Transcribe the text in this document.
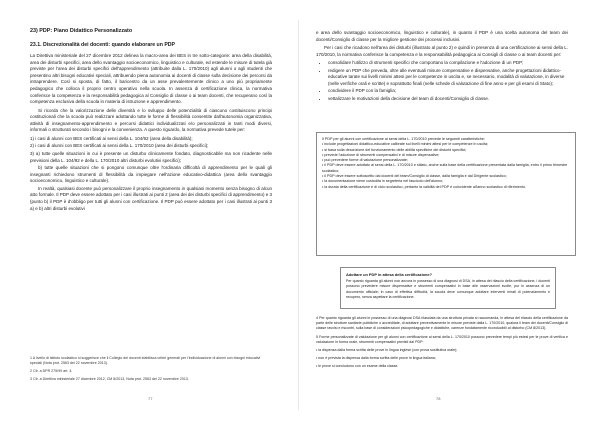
23) PDP: Piano Didattico Personalizzato
23.1. Discrezionalità dei docenti: quando elaborare un PDP

La Direttiva ministeriale del 27 dicembre 2012 delinea la macro-area dei BES in tre sotto-categorie: area della disabilità, area dei disturbi specifici, area dello svantaggio socioeconomico, linguistico e culturale, ed estende le misure di tutela già previste per l'area dei disturbi specifici dell'apprendimento (attribuite dalla L. 170/2010) agli alunni o agli studenti che presentino altri bisogni educativi speciali, attribuendo piena autonomia ai docenti di classe sulla decisione dei percorsi da intraprendere. Così si sposta, di fatto, il baricentro da un asse prevalentemente clinico a uno più propriamente pedagogico che colloca il proprio centro operativo nella scuola. In assenza di certificazione clinica, la normativa conferisce la competenza e la responsabilità pedagogica al Consiglio di classe o ai team docenti, che recuperano così la competenza esclusiva della scuola in materia di istruzione e apprendimento.

Si ricorda che la valorizzazione delle diversità e lo sviluppo delle potenzialità di ciascuno costituiscono principi costituzionali che la scuola può realizzare adottando tutte le forme di flessibilità consentite dall'autonomia organizzativa, attività di insegnamento-apprendimento e percorsi didattici individualizzati e/o personalizzati in tanti modi diversi, informali o strutturati secondo i bisogni e la convenienza. A questo riguardo, la normativa prevede tutele per:

1) i casi di alunni con BES certificati ai sensi della L. 104/92 (area della disabilità);

2) i casi di alunni con BES certificati ai sensi della L. 170/2010 (area dei disturbi specifici);

3) a) tutte quelle situazioni in cui è presente un disturbo clinicamente fondato, diagnosticabile ma non ricadente nelle previsioni della L. 104/92 e della L. 170/2010 altri disturbi evolutivi specifici);

b) tutte quelle situazioni che si pongono comunque oltre l'ordinaria difficoltà di apprendimento per le quali gli insegnanti richiedono strumenti di flessibilità da impiegare nell'azione educativo-didattica (area dello svantaggio socioeconomico, linguistico e culturale).

In realtà, qualsiasi docente può personalizzare il proprio insegnamento in qualsiasi momento senza bisogno di alcun atto formale. Il PDP deve essere adottato per i casi illustrati ai punti 2 (area dei dei disturbi specifici di apprendimento) e 3 (punto b) il PDP è d'obbligo per tutti gli alunni con certificazione. Il PDP può essere adottato per i casi illustrati ai punti 3 a) e b) altri disturbi evolutivi

1 A livello di istituto scolastico si suggerisce che il Collegio dei docenti stabilisca criteri generali per l'individuazione di alunni con bisogni educativi speciali (Nota prot. 2563 del 22 novembre 2013).
2 Cfr. a DPR 275/99 art. 4.
3 Cfr. a Direttiva ministeriale 27 dicembre 2012, CM 8/2013, Nota prot. 2563 del 22 novembre 2013.
77

e area dello svantaggio socioeconomico, linguistico e culturale), in quanto il PDP è una scelta autonoma del team dei docenti/Consiglio di classe per la migliore gestione dei processi inclusivi.

Per i casi che ricadono nell'area dei disturbi (illustrato al punto 2) e quindi in presenza di una certificazione ai sensi della L. 170/2010, la normativa conferisce la competenza e la responsabilità pedagogica ai Consigli di classe o ai team docenti per:

• consolidare l'utilizzo di strumenti specifici che comportano la compilazione e l'adozione di un PDP;
• redigere un PDP che preveda, oltre alle eventuali misure compensative e dispensative, anche progettazioni didattico-educative tarate sui livelli minimi attesi per le competenze in uscita e, se necessario, modalità di valutazione, in diverse (nelle verifiche orali e scritte) e soprattutto finali (nelle schede di valutazione di fine anno e per gli esami di Stato);
• condividere il PDP con la famiglia;
• vettalizzare le motivazioni della decisione del team di docenti/Consiglio di classe.
Il PDP per gli alunni con certificazione ai sensi della L. 170/2010 prevede le seguenti caratteristiche:
• include progettazioni didattico-educative calibrate sui livelli minimi attesi per le competenze in uscita;
• si basa sulla descrizione del funzionamento delle abilità specifiche dei disturbi specifici;
• prevede l'adozione di strumenti compensativi e di misure dispensative;
• può prevedere forme di valutazione personalizzate;
• il PDP deve essere adottato ai sensi della L. 170/2010 e stilato, anche sulla base della certificazione presentata dalla famiglia, entro il primo trimestre scolastico;
• il PDP deve essere sottoscritto dai docenti del team/Consiglio di classe, dalla famiglia e dal Dirigente scolastico;
• la documentazione viene custodita in segreteria nel fascicolo dell'alunno;
• la durata della certificazione è di ciclo scolastico, pertanto la validità del PDP è coincidente all'anno scolastico di riferimento.
Adottare un PDP in attesa della certificazione?
Per quanto riguarda gli alunni non ancora in possesso di una diagnosi di DSA, in attesa del rilascio della certificazione, i docenti possono prevedere misure dispensative e strumenti compensativi in base alle osservazioni svolte, pur in assenza di un documento ufficiale; in caso di effettiva difficoltà, la scuola deve comunque adottare interventi mirati di potenziamento e recupero, senza aspettare la certificazione.
4 Per quanto riguarda gli alunni in possesso di una diagnosi DSA rilasciata da una struttura privata si raccomanda, in attesa del rilascio della certificazione da parte delle strutture sanitarie pubbliche o accreditate, di adottare preventivamente le misure previste dalla L. 170/2010, qualora il team dei docenti/Consiglio di classe ravvisi e riscontri, sulla base di considerazioni psicopedagogiche e didattiche, carenze fondatamente riconducibili al disturbo (CM 8/2013).
5 Forme personalizzate di valutazione per gli alunni con certificazione ai sensi della L. 170/2010 possono prevedere tempi più estesi per le prove di verifica e valutazione in forma orale, strumenti compensativi previsti dal PDP:
• la dispensa dalla forma scritta delle prove in lingua inglese (con prova sostitutiva orale);
• non è prevista la dispensa dalla forma scritta delle prove in lingua italiana;
• le prove si concludono con un esame della classe.
78
